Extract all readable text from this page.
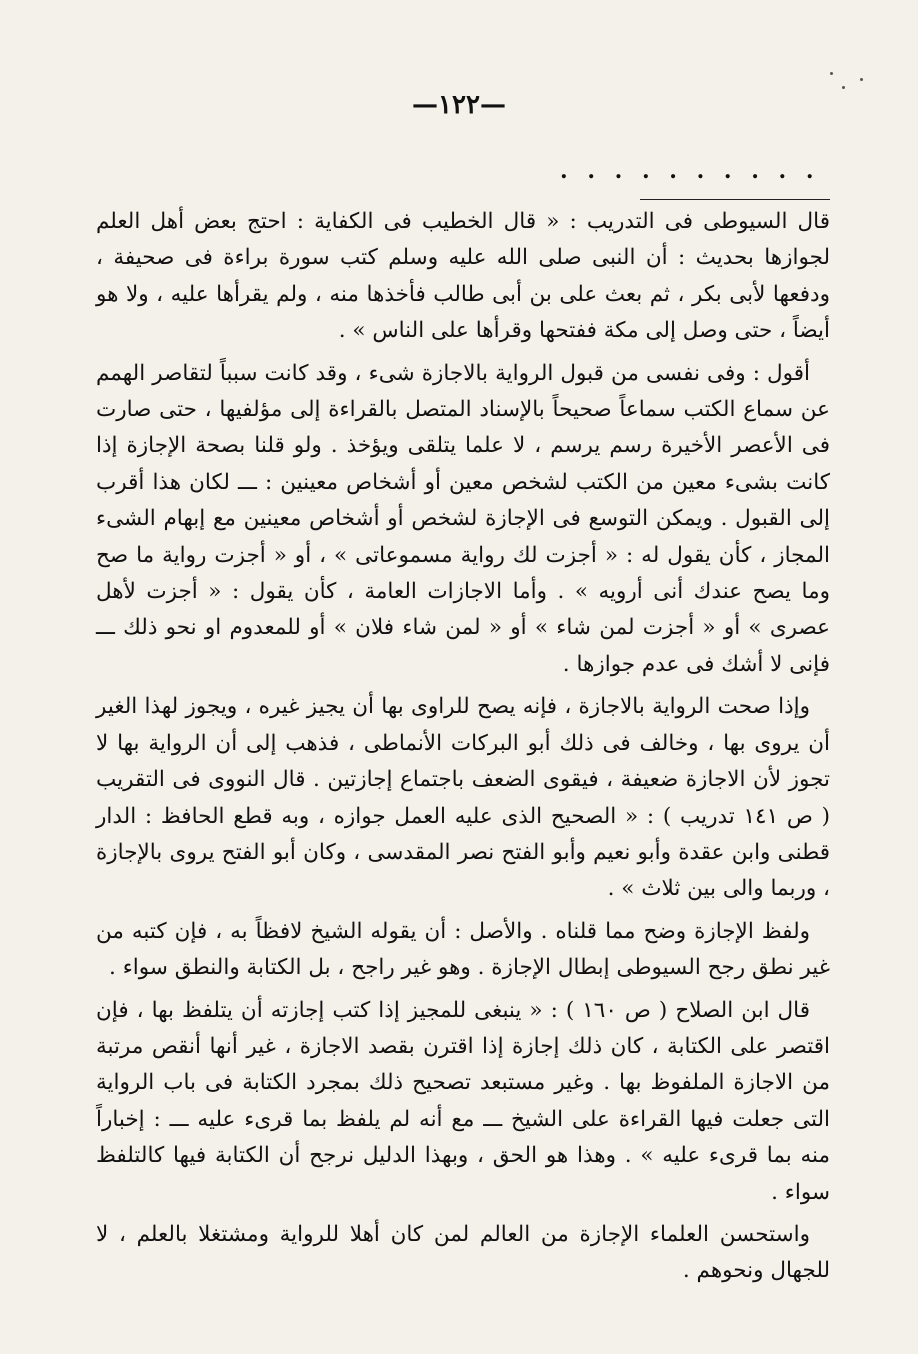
—١٢٢—
. . . . . . . . . .

قال السيوطى فى التدريب : « قال الخطيب فى الكفاية : احتج بعض أهل العلم لجوازها بحديث : أن النبى صلى الله عليه وسلم كتب سورة براءة فى صحيفة ، ودفعها لأبى بكر ، ثم بعث على بن أبى طالب فأخذها منه ، ولم يقرأها عليه ، ولا هو أيضاً ، حتى وصل إلى مكة ففتحها وقرأها على الناس » .

أقول : وفى نفسى من قبول الرواية بالاجازة شىء ، وقد كانت سبباً لتقاصر الهمم عن سماع الكتب سماعاً صحيحاً بالإسناد المتصل بالقراءة إلى مؤلفيها ، حتى صارت فى الأعصر الأخيرة رسم يرسم ، لا علما يتلقى ويؤخذ . ولو قلنا بصحة الإجازة إذا كانت بشىء معين من الكتب لشخص معين أو أشخاص معينين : ـــ لكان هذا أقرب إلى القبول . ويمكن التوسع فى الإجازة لشخص أو أشخاص معينين مع إبهام الشىء المجاز ، كأن يقول له : « أجزت لك رواية مسموعاتى » ، أو « أجزت رواية ما صح وما يصح عندك أنى أرويه » . وأما الاجازات العامة ، كأن يقول : « أجزت لأهل عصرى » أو « أجزت لمن شاء » أو « لمن شاء فلان » أو للمعدوم او نحو ذلك ـــ فإنى لا أشك فى عدم جوازها .

وإذا صحت الرواية بالاجازة ، فإنه يصح للراوى بها أن يجيز غيره ، ويجوز لهذا الغير أن يروى بها ، وخالف فى ذلك أبو البركات الأنماطى ، فذهب إلى أن الرواية بها لا تجوز لأن الاجازة ضعيفة ، فيقوى الضعف باجتماع إجازتين . قال النووى فى التقريب ( ص ١٤١ تدريب ) : « الصحيح الذى عليه العمل جوازه ، وبه قطع الحافظ : الدار قطنى وابن عقدة وأبو نعيم وأبو الفتح نصر المقدسى ، وكان أبو الفتح يروى بالإجازة ، وربما والى بين ثلاث » .

ولفظ الإجازة وضح مما قلناه . والأصل : أن يقوله الشيخ لافظاً به ، فإن كتبه من غير نطق رجح السيوطى إبطال الإجازة . وهو غير راجح ، بل الكتابة والنطق سواء .

قال ابن الصلاح ( ص ١٦٠ ) : « ينبغى للمجيز إذا كتب إجازته أن يتلفظ بها ، فإن اقتصر على الكتابة ، كان ذلك إجازة إذا اقترن بقصد الاجازة ، غير أنها أنقص مرتبة من الاجازة الملفوظ بها . وغير مستبعد تصحيح ذلك بمجرد الكتابة فى باب الرواية التى جعلت فيها القراءة على الشيخ ـــ مع أنه لم يلفظ بما قرىء عليه ـــ : إخباراً منه بما قرىء عليه » . وهذا هو الحق ، وبهذا الدليل نرجح أن الكتابة فيها كالتلفظ سواء .

واستحسن العلماء الإجازة من العالم لمن كان أهلا للرواية ومشتغلا بالعلم ، لا للجهال ونحوهم .
